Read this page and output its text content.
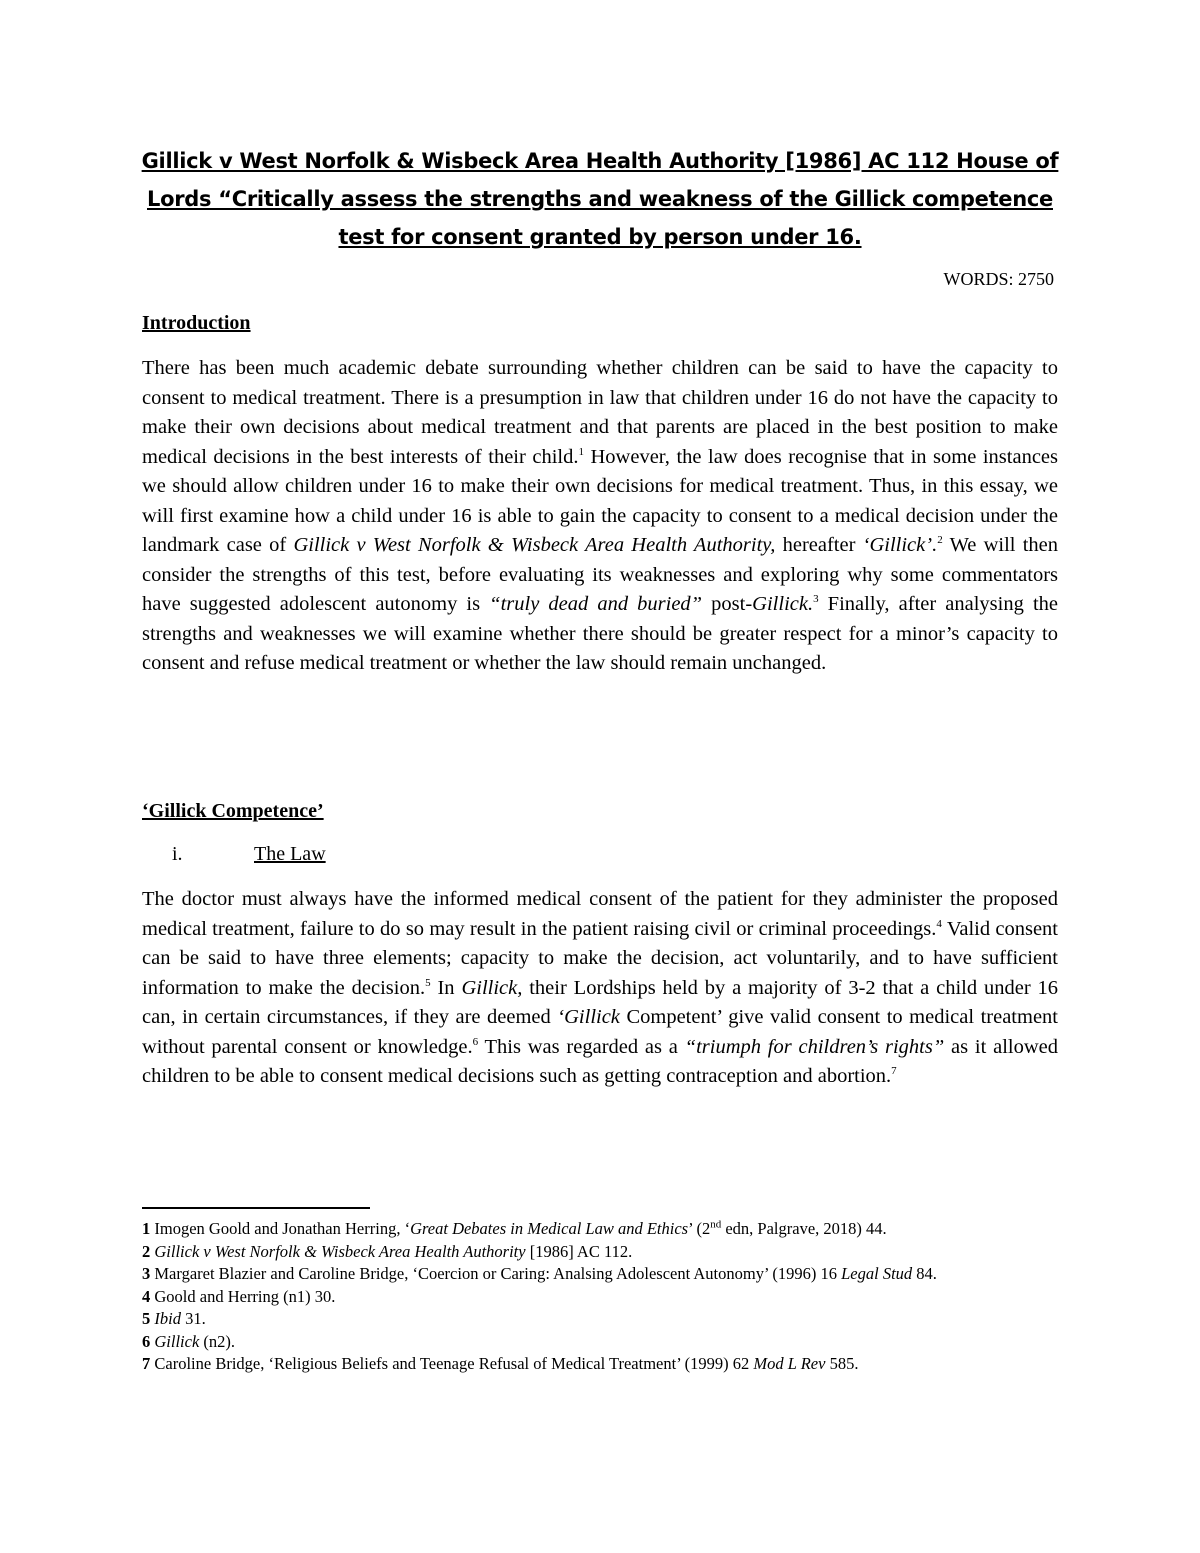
Gillick v West Norfolk & Wisbeck Area Health Authority [1986] AC 112 House of Lords “Critically assess the strengths and weakness of the Gillick competence test for consent granted by person under 16.
WORDS: 2750
Introduction
There has been much academic debate surrounding whether children can be said to have the capacity to consent to medical treatment. There is a presumption in law that children under 16 do not have the capacity to make their own decisions about medical treatment and that parents are placed in the best position to make medical decisions in the best interests of their child.$^1$ However, the law does recognise that in some instances we should allow children under 16 to make their own decisions for medical treatment. Thus, in this essay, we will first examine how a child under 16 is able to gain the capacity to consent to a medical decision under the landmark case of Gillick v West Norfolk & Wisbeck Area Health Authority, hereafter ‘Gillick’.$^2$ We will then consider the strengths of this test, before evaluating its weaknesses and exploring why some commentators have suggested adolescent autonomy is “truly dead and buried” post-Gillick.$^3$ Finally, after analysing the strengths and weaknesses we will examine whether there should be greater respect for a minor’s capacity to consent and refuse medical treatment or whether the law should remain unchanged.
‘Gillick Competence’
i.	The Law
The doctor must always have the informed medical consent of the patient for they administer the proposed medical treatment, failure to do so may result in the patient raising civil or criminal proceedings.$^4$ Valid consent can be said to have three elements; capacity to make the decision, act voluntarily, and to have sufficient information to make the decision.$^5$ In Gillick, their Lordships held by a majority of 3-2 that a child under 16 can, in certain circumstances, if they are deemed ‘Gillick Competent’ give valid consent to medical treatment without parental consent or knowledge.$^6$ This was regarded as a “triumph for children’s rights” as it allowed children to be able to consent medical decisions such as getting contraception and abortion.$^7$

1 Imogen Goold and Jonathan Herring, ‘Great Debates in Medical Law and Ethics’ (2nd edn, Palgrave, 2018) 44.

2 Gillick v West Norfolk & Wisbeck Area Health Authority [1986] AC 112.

3 Margaret Blazier and Caroline Bridge, ‘Coercion or Caring: Analsing Adolescent Autonomy’ (1996) 16 Legal Stud 84.

4 Goold and Herring (n1) 30.

5 Ibid 31.

6 Gillick (n2).

7 Caroline Bridge, ‘Religious Beliefs and Teenage Refusal of Medical Treatment’ (1999) 62 Mod L Rev 585.
